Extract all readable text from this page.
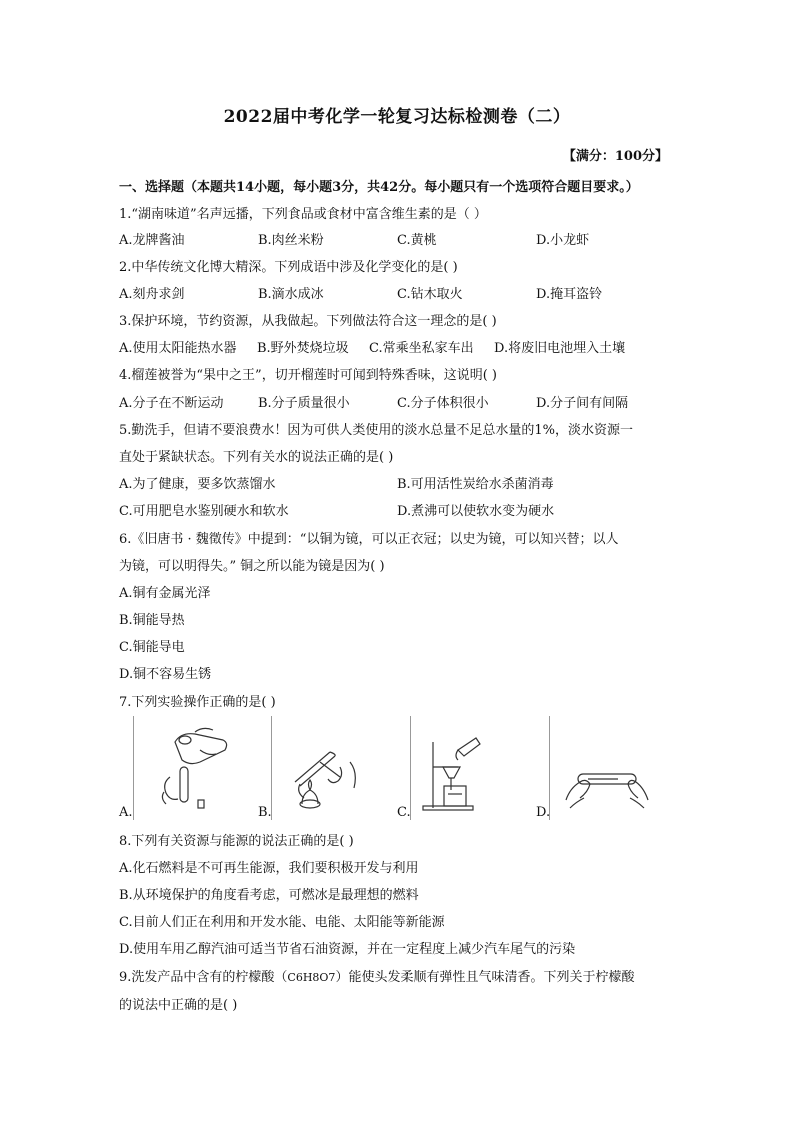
2022届中考化学一轮复习达标检测卷（二）
【满分：100分】
一、选择题（本题共14小题，每小题3分，共42分。每小题只有一个选项符合题目要求。）
1.“湖南味道”名声远播，下列食品或食材中富含维生素的是（ ）
A.龙牌酱油	B.肉丝米粉	C.黄桃	D.小龙虾
2.中华传统文化博大精深。下列成语中涉及化学变化的是( )
A.刻舟求剑	B.滴水成冰	C.钻木取火	D.掩耳盗铃
3.保护环境，节约资源，从我做起。下列做法符合这一理念的是( )
A.使用太阳能热水器 B.野外焚烧垃圾 C.常乘坐私家车出 D.将废旧电池埋入土壤
4.榴莲被誉为“果中之王”，切开榴莲时可闻到特殊香味，这说明( )
A.分子在不断运动	B.分子质量很小	C.分子体积很小	D.分子间有间隔
5.勤洗手，但请不要浪费水！因为可供人类使用的淡水总量不足总水量的1%，淡水资源一
直处于紧缺状态。下列有关水的说法正确的是( )
A.为了健康，要多饮蒸馏水	B.可用活性炭给水杀菌消毒
C.可用肥皂水鉴别硬水和软水	D.煮沸可以使软水变为硬水
6.《旧唐书 · 魏徵传》中提到：“以铜为镜，可以正衣冠；以史为镜，可以知兴替；以人
为镜，可以明得失。” 铜之所以能为镜是因为( )
A.铜有金属光泽
B.铜能导热
C.铜能导电
D.铜不容易生锈
7.下列实验操作正确的是( )
A.	B.	C.	D.
8.下列有关资源与能源的说法正确的是( )
A.化石燃料是不可再生能源，我们要积极开发与利用
B.从环境保护的角度看考虑，可燃冰是最理想的燃料
C.目前人们正在利用和开发水能、电能、太阳能等新能源
D.使用车用乙醇汽油可适当节省石油资源，并在一定程度上减少汽车尾气的污染
9.洗发产品中含有的柠檬酸（C6H8O7）能使头发柔顺有弹性且气味清香。下列关于柠檬酸
的说法中正确的是( )
